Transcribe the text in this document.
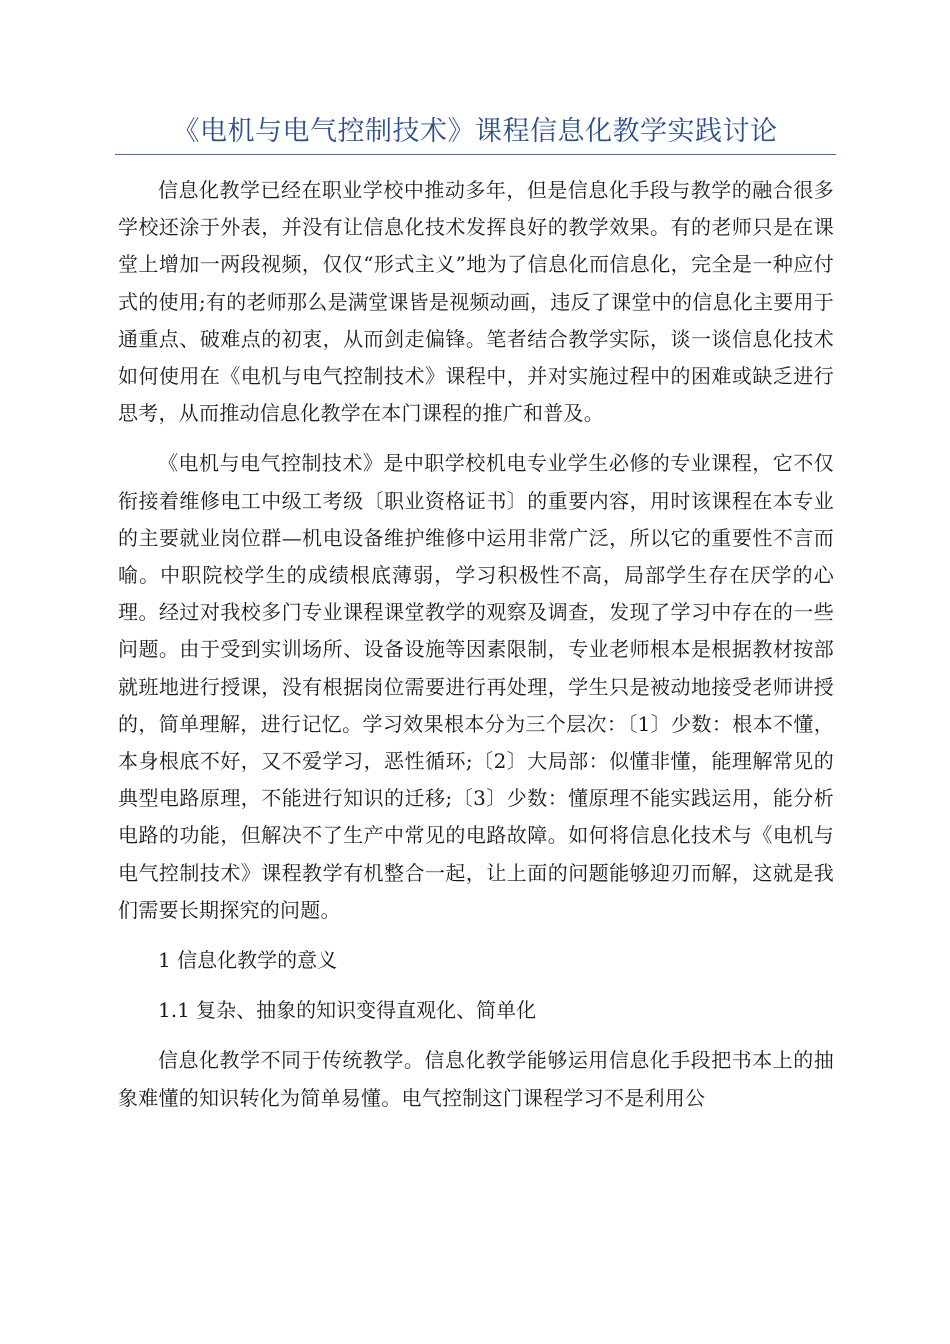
《电机与电气控制技术》课程信息化教学实践讨论

信息化教学已经在职业学校中推动多年，但是信息化手段与教学的融合很多学校还涂于外表，并没有让信息化技术发挥良好的教学效果。有的老师只是在课堂上增加一两段视频，仅仅“形式主义”地为了信息化而信息化，完全是一种应付式的使用;有的老师那么是满堂课皆是视频动画，违反了课堂中的信息化主要用于通重点、破难点的初衷，从而剑走偏锋。笔者结合教学实际，谈一谈信息化技术如何使用在《电机与电气控制技术》课程中，并对实施过程中的困难或缺乏进行思考，从而推动信息化教学在本门课程的推广和普及。

《电机与电气控制技术》是中职学校机电专业学生必修的专业课程，它不仅衔接着维修电工中级工考级〔职业资格证书〕的重要内容，用时该课程在本专业的主要就业岗位群—机电设备维护维修中运用非常广泛，所以它的重要性不言而喻。中职院校学生的成绩根底薄弱，学习积极性不高，局部学生存在厌学的心理。经过对我校多门专业课程课堂教学的观察及调查，发现了学习中存在的一些问题。由于受到实训场所、设备设施等因素限制，专业老师根本是根据教材按部就班地进行授课，没有根据岗位需要进行再处理，学生只是被动地接受老师讲授的，简单理解，进行记忆。学习效果根本分为三个层次：〔1〕少数：根本不懂，本身根底不好，又不爱学习，恶性循环;〔2〕大局部：似懂非懂，能理解常见的典型电路原理，不能进行知识的迁移;〔3〕少数：懂原理不能实践运用，能分析电路的功能，但解决不了生产中常见的电路故障。如何将信息化技术与《电机与电气控制技术》课程教学有机整合一起，让上面的问题能够迎刃而解，这就是我们需要长期探究的问题。

1 信息化教学的意义

1.1 复杂、抽象的知识变得直观化、简单化

信息化教学不同于传统教学。信息化教学能够运用信息化手段把书本上的抽象难懂的知识转化为简单易懂。电气控制这门课程学习不是利用公
